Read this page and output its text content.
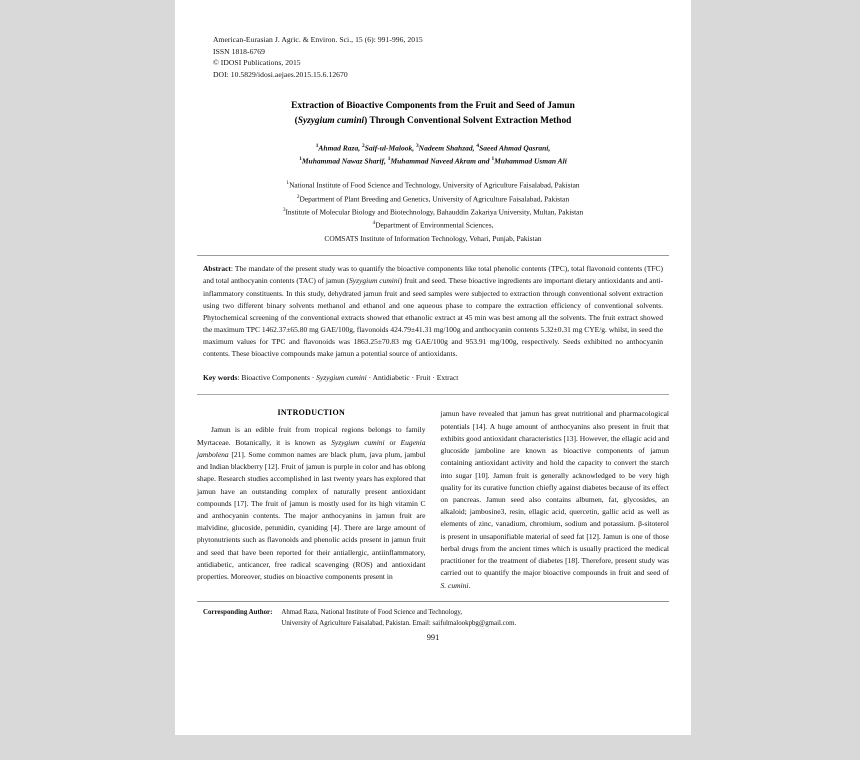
American-Eurasian J. Agric. & Environ. Sci., 15 (6): 991-996, 2015
ISSN 1818-6769
© IDOSI Publications, 2015
DOI: 10.5829/idosi.aejaes.2015.15.6.12670
Extraction of Bioactive Components from the Fruit and Seed of Jamun
(Syzygium cumini) Through Conventional Solvent Extraction Method
$^1$Ahmad Raza, $^2$Saif-ul-Malook, $^3$Nadeem Shahzad, $^4$Saeed Ahmad Qasrani,
$^1$Muhammad Nawaz Sharif, $^1$Muhammad Naveed Akram and $^1$Muhammad Usman Ali
$^1$National Institute of Food Science and Technology, University of Agriculture Faisalabad, Pakistan
$^2$Department of Plant Breeding and Genetics, University of Agriculture Faisalabad, Pakistan
$^3$Institute of Molecular Biology and Biotechnology, Bahauddin Zakariya University, Multan, Pakistan
$^4$Department of Environmental Sciences,
COMSATS Institute of Information Technology, Vehari, Punjab, Pakistan
Abstract: The mandate of the present study was to quantify the bioactive components like total phenolic contents (TPC), total flavonoid contents (TFC) and total anthocyanin contents (TAC) of jamun (Syzygium cumini) fruit and seed. These bioactive ingredients are important dietary antioxidants and anti-inflammatory constituents. In this study, dehydrated jamun fruit and seed samples were subjected to extraction through conventional solvent extraction using two different binary solvents methanol and ethanol and one aqueous phase to compare the extraction efficiency of conventional solvents. Phytochemical screening of the conventional extracts showed that ethanolic extract at 45 min was best among all the solvents. The fruit extract showed the maximum TPC 1462.37±65.80 mg GAE/100g, flavonoids 424.79±41.31 mg/100g and anthocyanin contents 5.32±0.31 mg CYE/g. whilst, in seed the maximum values for TPC and flavonoids was 1863.25±70.83 mg GAE/100g and 953.91 mg/100g, respectively. Seeds exhibited no anthocyanin contents. These bioactive compounds make jamun a potential source of antioxidants.
Key words: Bioactive Components · Syzygium cumini · Antidiabetic · Fruit · Extract
INTRODUCTION

Jamun is an edible fruit from tropical regions belongs to family Myrtaceae. Botanically, it is known as Syzygium cumini or Eugenia jambolena [21]. Some common names are black plum, java plum, jambul and Indian blackberry [12]. Fruit of jamun is purple in color and has oblong shape. Research studies accomplished in last twenty years has explored that jamun have an outstanding complex of naturally present antioxidant compounds [17]. The fruit of jamun is mostly used for its high vitamin C and anthocyanin contents. The major anthocyanins in jamun fruit are malvidine, glucoside, petunidin, cyaniding [4]. There are large amount of phytonutrients such as flavonoids and phenolic acids present in jamun fruit and seed that have been reported for their antiallergic, antiinflammatory, antidiabetic, anticancer, free radical scavenging (ROS) and antioxidant properties. Moreover, studies on bioactive components present in

jamun have revealed that jamun has great nutritional and pharmacological potentials [14]. A huge amount of anthocyanins also present in fruit that exhibits good antioxidant characteristics [13]. However, the ellagic acid and glucoside jamboline are known as bioactive components of jamun containing antioxidant activity and hold the capacity to convert the starch into sugar [10]. Jamun fruit is generally acknowledged to be very high quality for its curative function chiefly against diabetes because of its effect on pancreas. Jamun seed also contains albumen, fat, glycosides, an alkaloid; jambosine3, resin, ellagic acid, quercetin, gallic acid as well as elements of zinc, vanadium, chromium, sodium and potassium. β-sitoterol is present in unsaponifiable material of seed fat [12]. Jamun is one of those herbal drugs from the ancient times which is usually practiced the medical practitioner for the treatment of diabetes [18]. Therefore, present study was carried out to quantify the major bioactive compounds in fruit and seed of S. cumini.

Corresponding Author:	Ahmad Raza, National Institute of Food Science and Technology,
University of Agriculture Faisalabad, Pakistan. Email: saifulmalookpbg@gmail.com.
991
